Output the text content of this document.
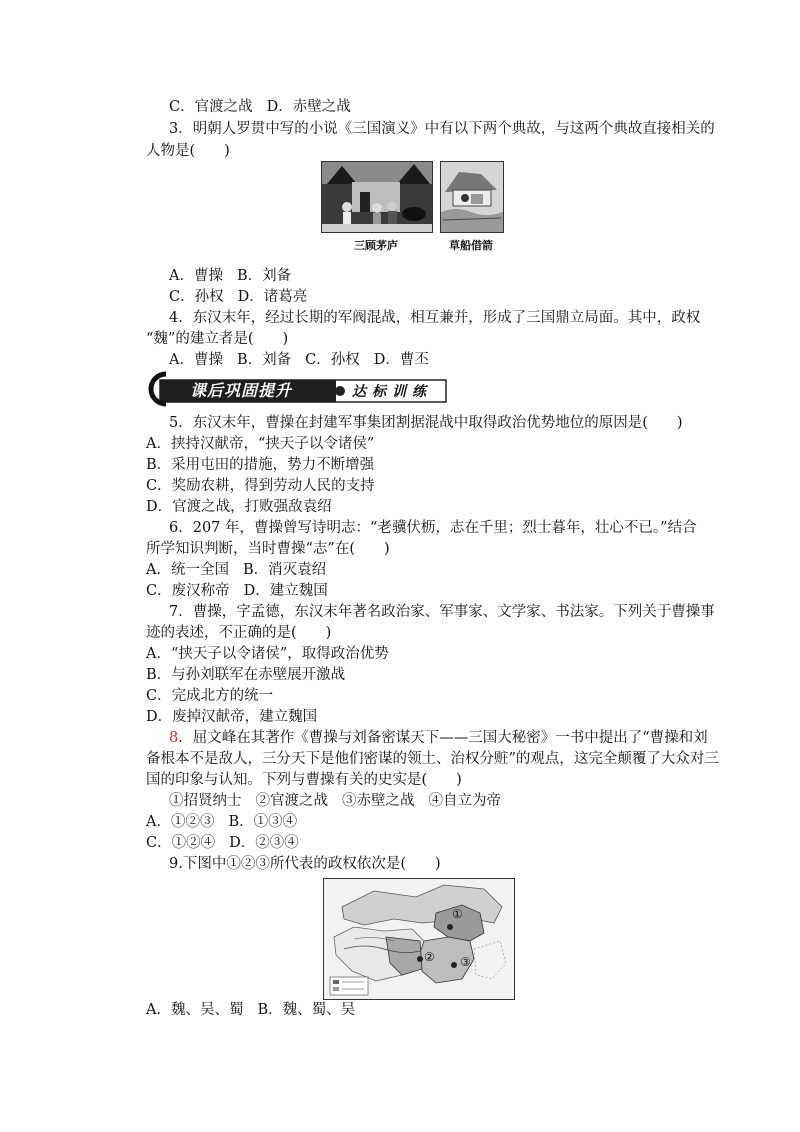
C．官渡之战 D．赤壁之战
3．明朝人罗贯中写的小说《三国演义》中有以下两个典故，与这两个典故直接相关的
人物是(　　)
三顾茅庐	草船借箭
A．曹操 B．刘备
C．孙权 D．诸葛亮
4．东汉末年，经过长期的军阀混战，相互兼并，形成了三国鼎立局面。其中，政权
“魏”的建立者是(　　)
A．曹操 B．刘备 C．孙权 D．曹丕
课后巩固提升	达标训练
5．东汉末年，曹操在封建军事集团割据混战中取得政治优势地位的原因是(　　)
A．挟持汉献帝，“挟天子以令诸侯”
B．采用屯田的措施，势力不断增强
C．奖励农耕，得到劳动人民的支持
D．官渡之战，打败强敌袁绍
6．207 年，曹操曾写诗明志：“老骥伏枥，志在千里；烈士暮年，壮心不已。”结合
所学知识判断，当时曹操“志”在(　　)
A．统一全国 B．消灭袁绍
C．废汉称帝 D．建立魏国
7．曹操，字孟德，东汉末年著名政治家、军事家、文学家、书法家。下列关于曹操事
迹的表述，不正确的是(　　)
A．“挟天子以令诸侯”，取得政治优势
B．与孙刘联军在赤壁展开激战
C．完成北方的统一
D．废掉汉献帝，建立魏国
8．屈文峰在其著作《曹操与刘备密谋天下——三国大秘密》一书中提出了“曹操和刘
备根本不是敌人，三分天下是他们密谋的领土、治权分赃”的观点，这完全颠覆了大众对三
国的印象与认知。下列与曹操有关的史实是(　　)
①招贤纳士 ②官渡之战 ③赤壁之战 ④自立为帝
A．①②③ B．①③④
C．①②④ D．②③④
9.下图中①②③所代表的政权依次是(　　)
①
② ③
A．魏、吴、蜀 B．魏、蜀、吴
